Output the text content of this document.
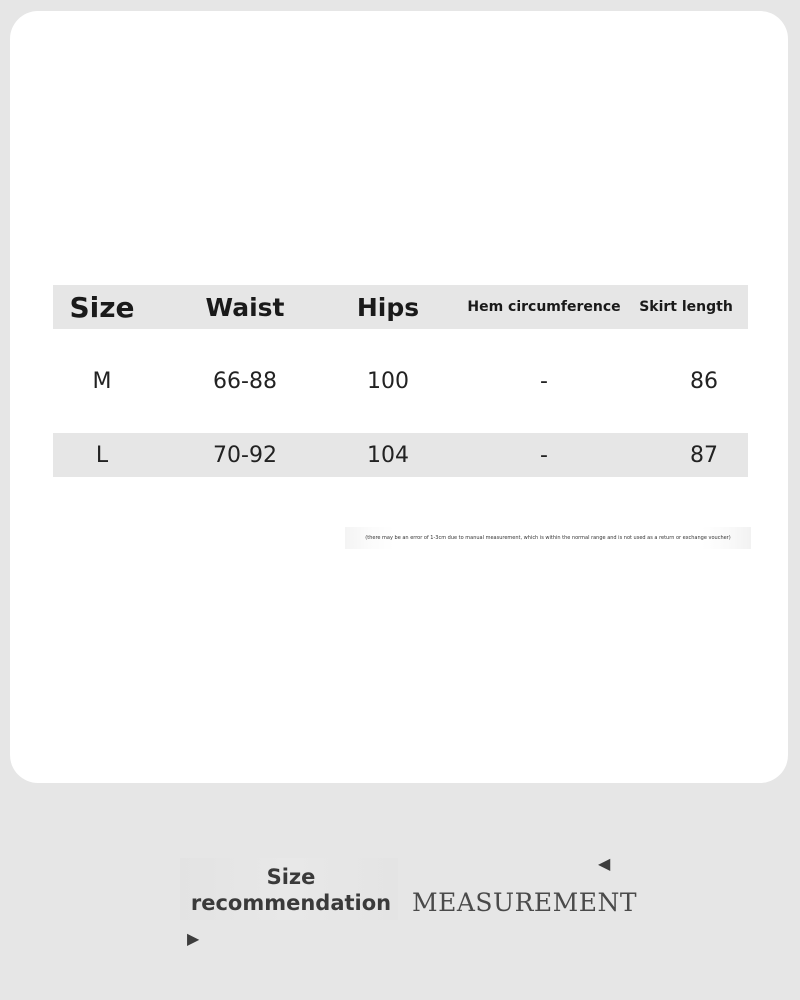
Size	Waist	Hips	Hem circumference	Skirt length
M	66-88	100	-	86
L	70-92	104	-	87
(there may be an error of 1-3cm due to manual measurement, which is within the normal range and is not used as a return or exchange voucher)
Size
recommendation MEASUREMENT
◀
▶
